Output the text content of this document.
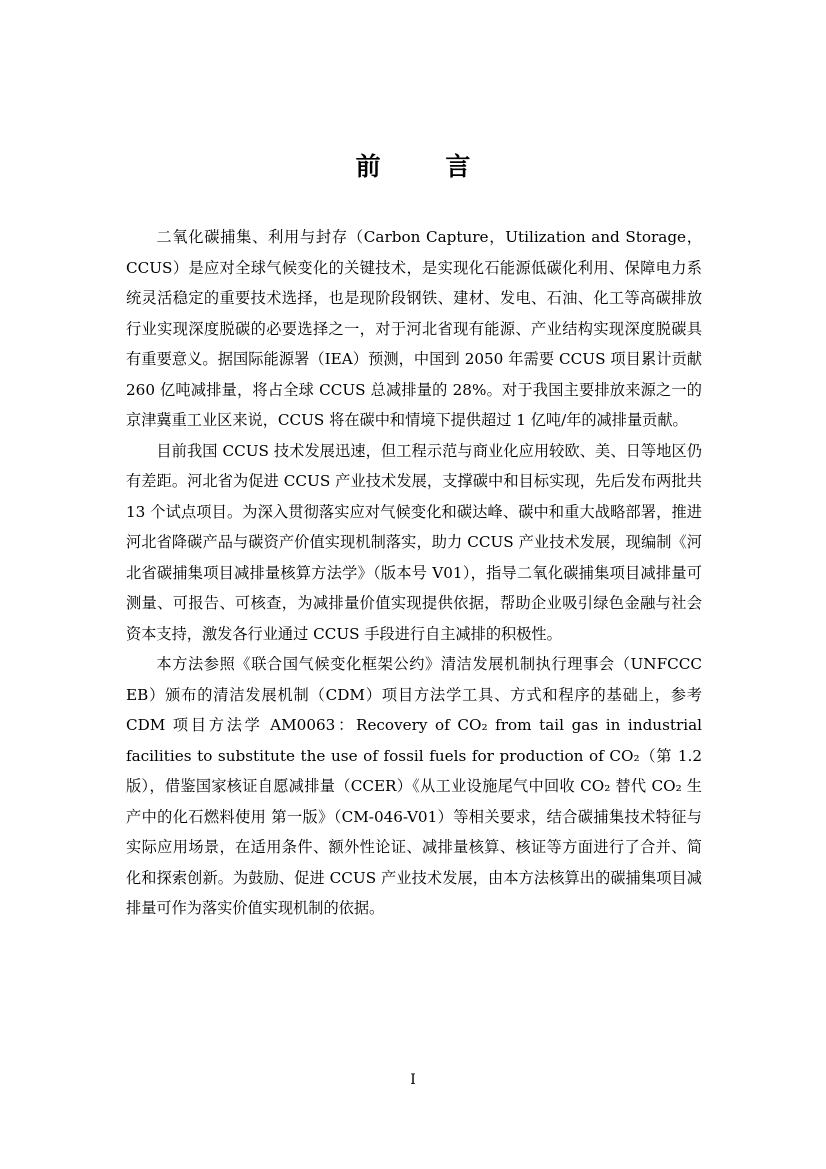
前 言

二氧化碳捕集、利用与封存（Carbon Capture，Utilization and Storage，CCUS）是应对全球气候变化的关键技术，是实现化石能源低碳化利用、保障电力系统灵活稳定的重要技术选择，也是现阶段钢铁、建材、发电、石油、化工等高碳排放行业实现深度脱碳的必要选择之一，对于河北省现有能源、产业结构实现深度脱碳具有重要意义。据国际能源署（IEA）预测，中国到 2050 年需要 CCUS 项目累计贡献 260 亿吨减排量，将占全球 CCUS 总减排量的 28%。对于我国主要排放来源之一的京津冀重工业区来说，CCUS 将在碳中和情境下提供超过 1 亿吨/年的减排量贡献。

目前我国 CCUS 技术发展迅速，但工程示范与商业化应用较欧、美、日等地区仍有差距。河北省为促进 CCUS 产业技术发展，支撑碳中和目标实现，先后发布两批共 13 个试点项目。为深入贯彻落实应对气候变化和碳达峰、碳中和重大战略部署，推进河北省降碳产品与碳资产价值实现机制落实，助力 CCUS 产业技术发展，现编制《河北省碳捕集项目减排量核算方法学》（版本号 V01），指导二氧化碳捕集项目减排量可测量、可报告、可核查，为减排量价值实现提供依据，帮助企业吸引绿色金融与社会资本支持，激发各行业通过 CCUS 手段进行自主减排的积极性。

本方法参照《联合国气候变化框架公约》清洁发展机制执行理事会（UNFCCC EB）颁布的清洁发展机制（CDM）项目方法学工具、方式和程序的基础上，参考 CDM 项目方法学 AM0063：Recovery of CO₂ from tail gas in industrial facilities to substitute the use of fossil fuels for production of CO₂（第 1.2 版），借鉴国家核证自愿减排量（CCER）《从工业设施尾气中回收 CO₂ 替代 CO₂ 生产中的化石燃料使用 第一版》（CM-046-V01）等相关要求，结合碳捕集技术特征与实际应用场景，在适用条件、额外性论证、减排量核算、核证等方面进行了合并、简化和探索创新。为鼓励、促进 CCUS 产业技术发展，由本方法核算出的碳捕集项目减排量可作为落实价值实现机制的依据。

I
